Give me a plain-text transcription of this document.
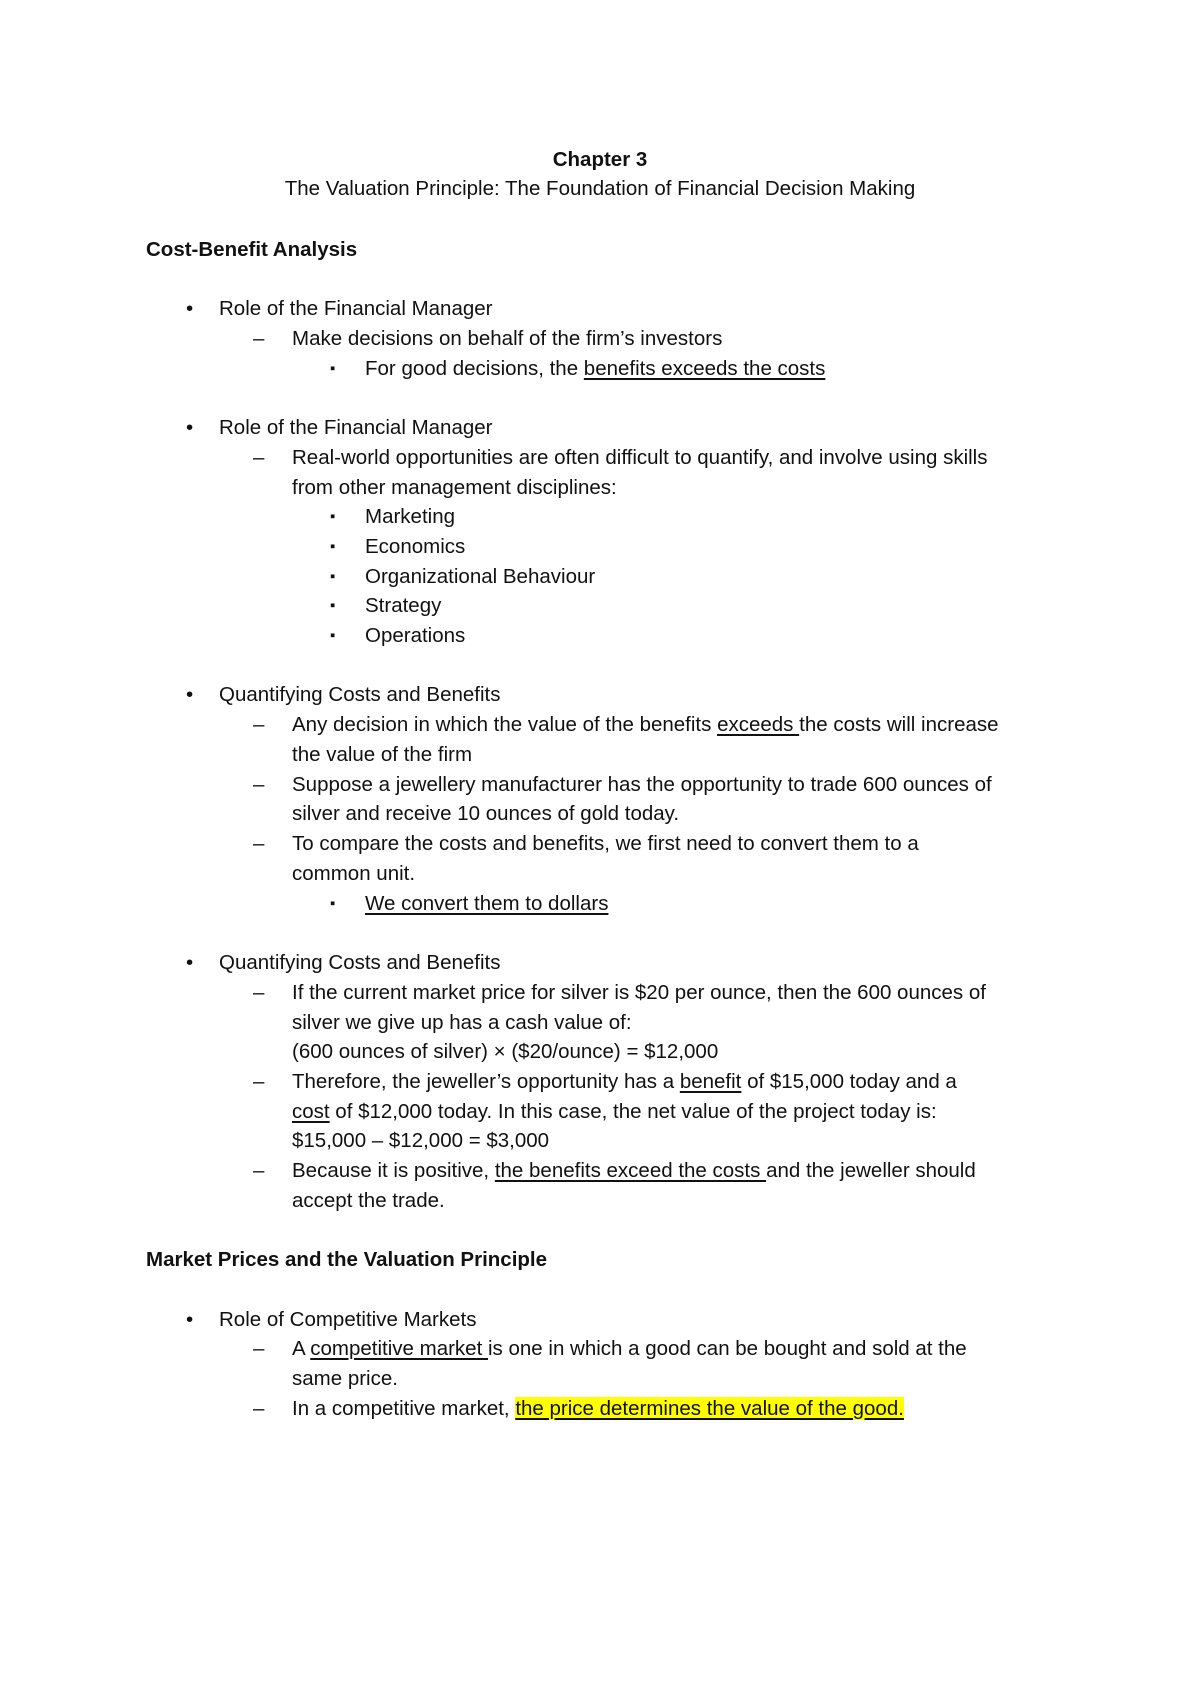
Chapter 3
The Valuation Principle: The Foundation of Financial Decision Making
Cost-Benefit Analysis
• Role of the Financial Manager
– Make decisions on behalf of the firm’s investors
▪ For good decisions, the benefits exceeds the costs
• Role of the Financial Manager
– Real-world opportunities are often difficult to quantify, and involve using skills
from other management disciplines:
▪ Marketing
▪ Economics
▪ Organizational Behaviour
▪ Strategy
▪ Operations
• Quantifying Costs and Benefits
– Any decision in which the value of the benefits exceeds the costs will increase
the value of the firm
– Suppose a jewellery manufacturer has the opportunity to trade 600 ounces of
silver and receive 10 ounces of gold today.
– To compare the costs and benefits, we first need to convert them to a
common unit.
▪ We convert them to dollars
• Quantifying Costs and Benefits
– If the current market price for silver is $20 per ounce, then the 600 ounces of
silver we give up has a cash value of:
(600 ounces of silver) × ($20/ounce) = $12,000
– Therefore, the jeweller’s opportunity has a benefit of $15,000 today and a
cost of $12,000 today. In this case, the net value of the project today is:
$15,000 – $12,000 = $3,000
– Because it is positive, the benefits exceed the costs and the jeweller should
accept the trade.
Market Prices and the Valuation Principle
• Role of Competitive Markets
– A competitive market is one in which a good can be bought and sold at the
same price.
– In a competitive market, the price determines the value of the good.
